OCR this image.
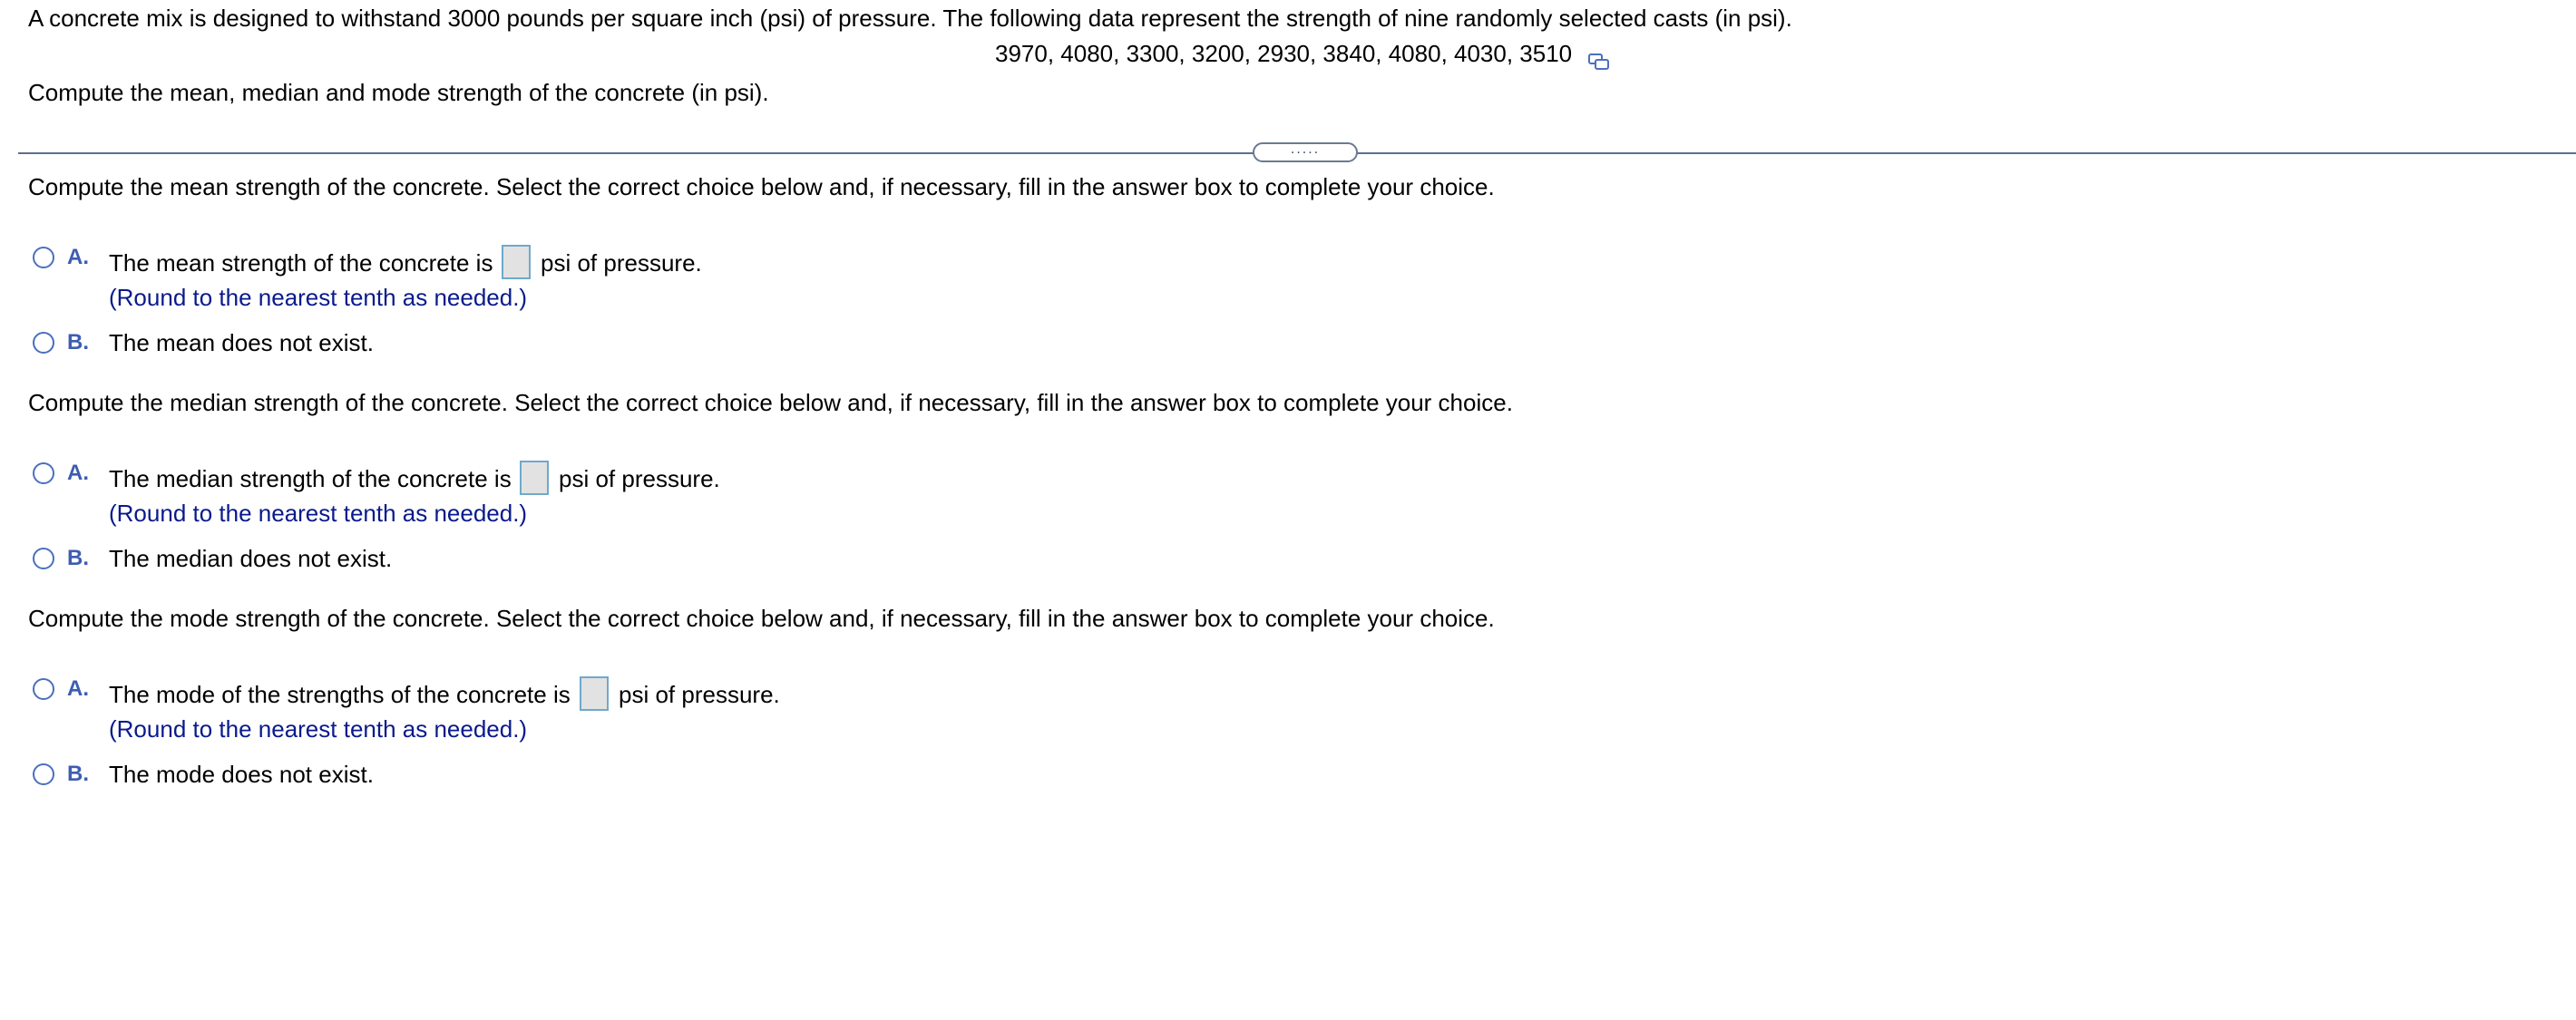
A concrete mix is designed to withstand 3000 pounds per square inch (psi) of pressure. The following data represent the strength of nine randomly selected casts (in psi).
3970, 4080, 3300, 3200, 2930, 3840, 4080, 4030, 3510
Compute the mean, median and mode strength of the concrete (in psi).
.....
Compute the mean strength of the concrete. Select the correct choice below and, if necessary, fill in the answer box to complete your choice.
A. The mean strength of the concrete is psi of pressure.
(Round to the nearest tenth as needed.)
B. The mean does not exist.
Compute the median strength of the concrete. Select the correct choice below and, if necessary, fill in the answer box to complete your choice.
A. The median strength of the concrete is psi of pressure.
(Round to the nearest tenth as needed.)
B. The median does not exist.
Compute the mode strength of the concrete. Select the correct choice below and, if necessary, fill in the answer box to complete your choice.
A. The mode of the strengths of the concrete is psi of pressure.
(Round to the nearest tenth as needed.)
B. The mode does not exist.
